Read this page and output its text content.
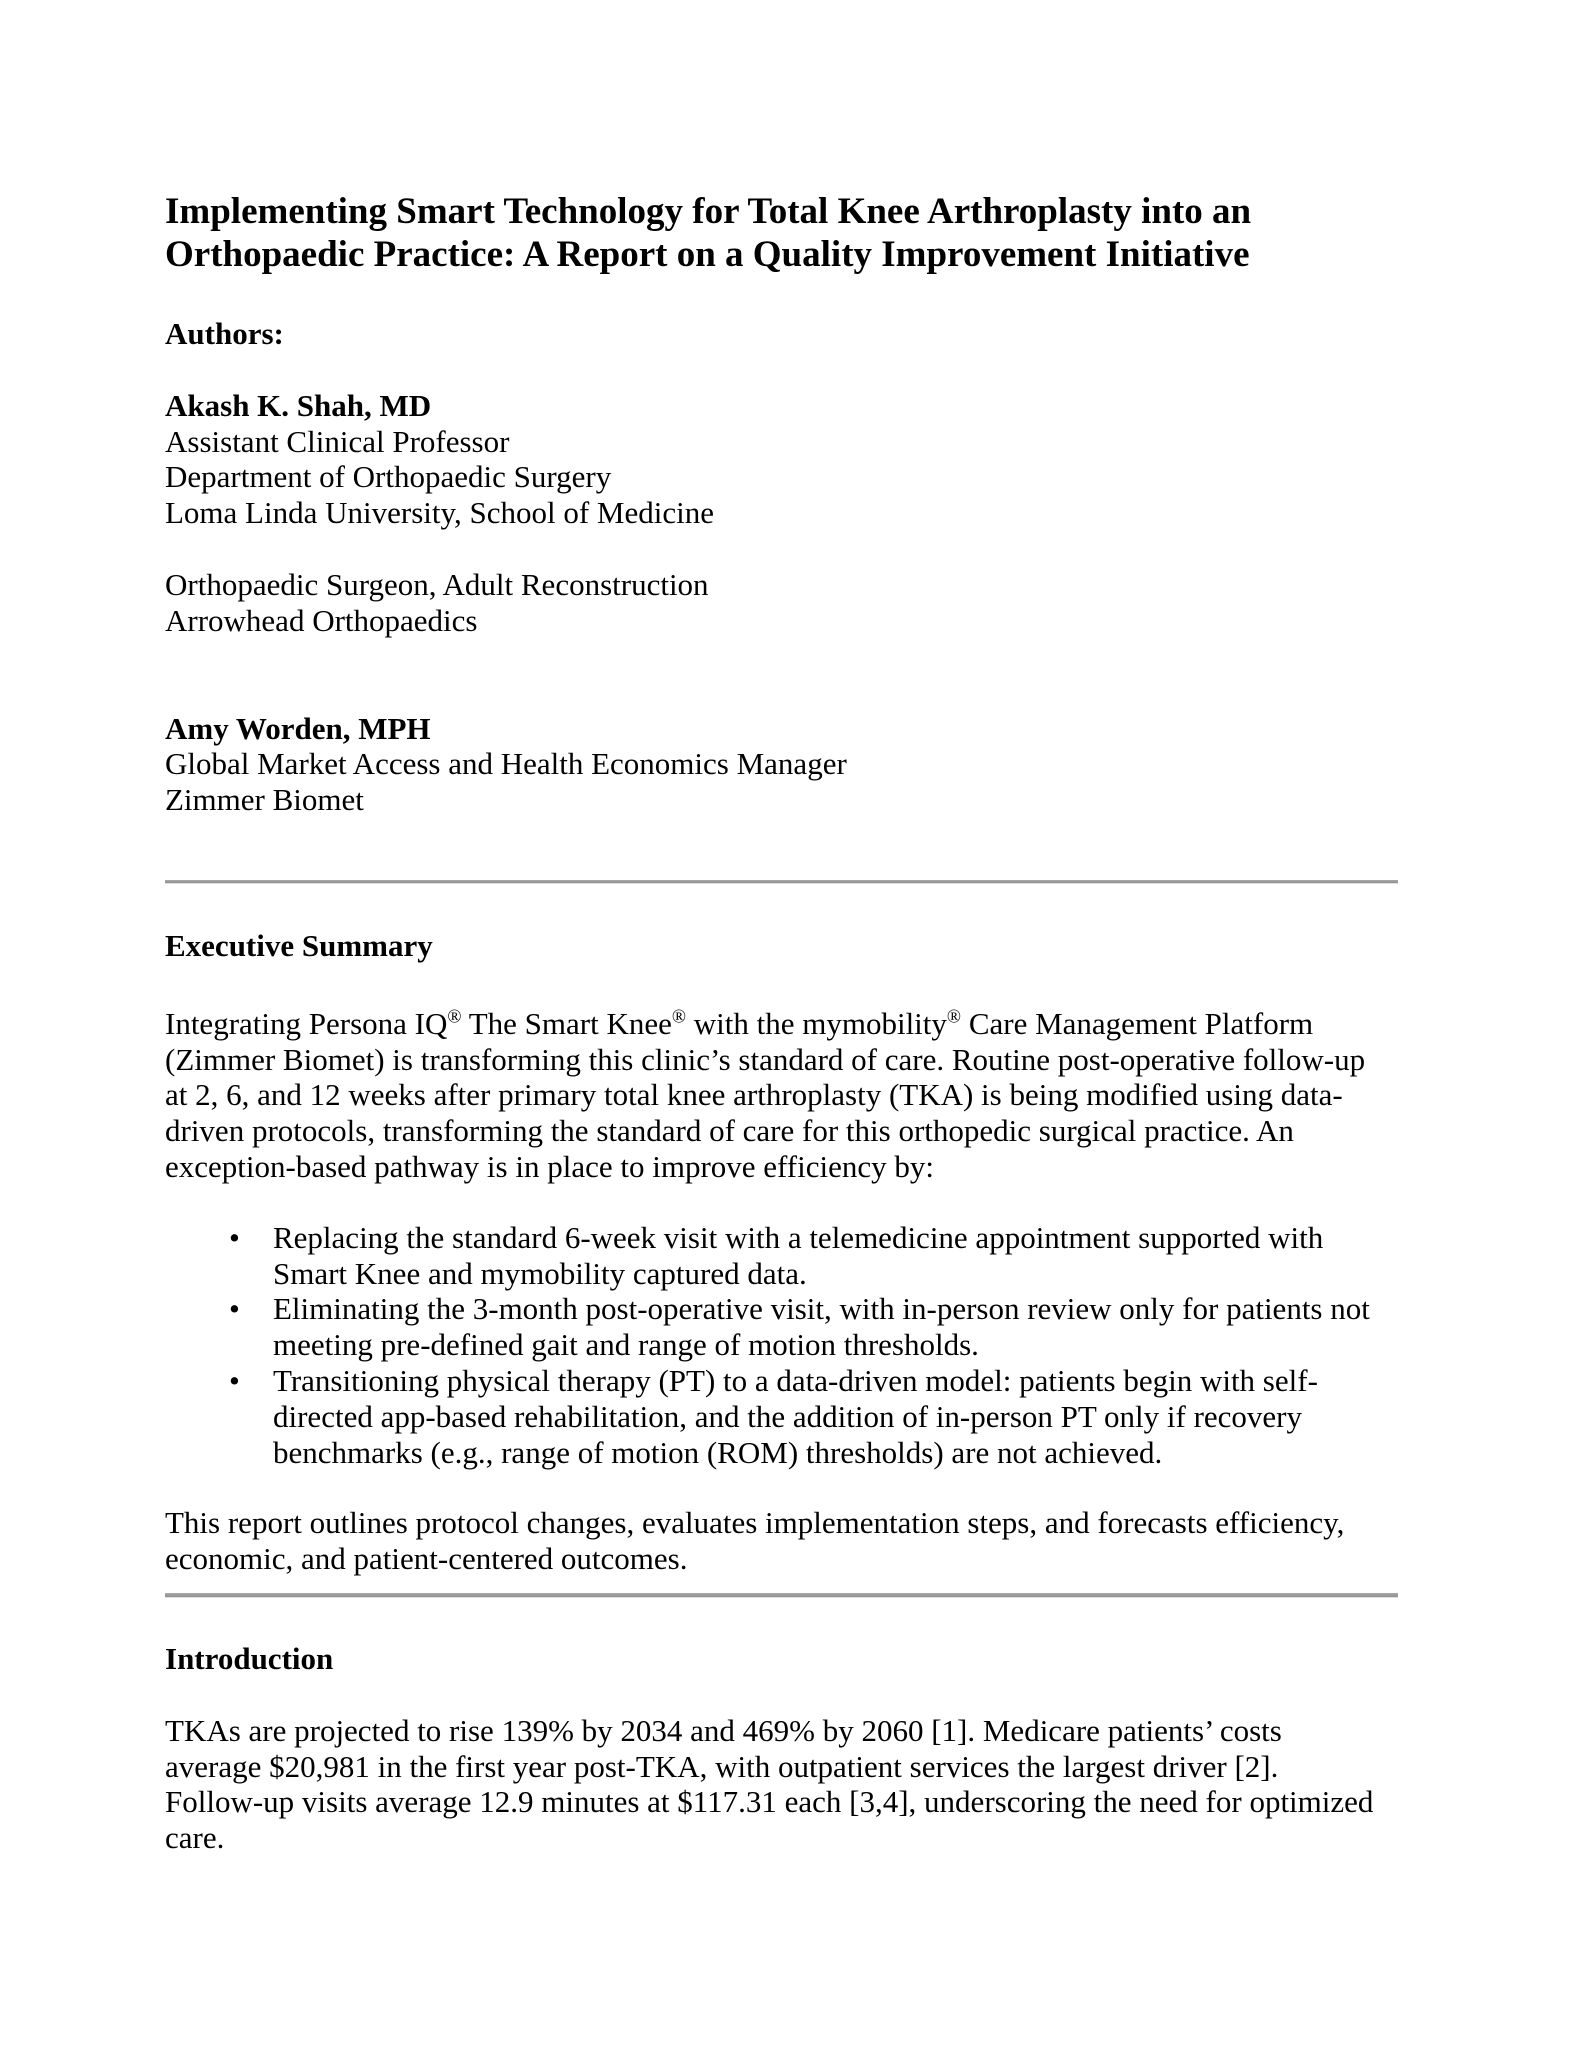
Implementing Smart Technology for Total Knee Arthroplasty into an
Orthopaedic Practice: A Report on a Quality Improvement Initiative

Authors:

Akash K. Shah, MD

Assistant Clinical Professor
Department of Orthopaedic Surgery
Loma Linda University, School of Medicine

Orthopaedic Surgeon, Adult Reconstruction
Arrowhead Orthopaedics

Amy Worden, MPH

Global Market Access and Health Economics Manager
Zimmer Biomet

Executive Summary

Integrating Persona IQ® The Smart Knee® with the mymobility® Care Management Platform
(Zimmer Biomet) is transforming this clinic’s standard of care. Routine post-operative follow-up
at 2, 6, and 12 weeks after primary total knee arthroplasty (TKA) is being modified using data-
driven protocols, transforming the standard of care for this orthopedic surgical practice. An
exception-based pathway is in place to improve efficiency by:

• Replacing the standard 6-week visit with a telemedicine appointment supported with
Smart Knee and mymobility captured data.
• Eliminating the 3-month post-operative visit, with in-person review only for patients not
meeting pre-defined gait and range of motion thresholds.
• Transitioning physical therapy (PT) to a data-driven model: patients begin with self-
directed app-based rehabilitation, and the addition of in-person PT only if recovery
benchmarks (e.g., range of motion (ROM) thresholds) are not achieved.

This report outlines protocol changes, evaluates implementation steps, and forecasts efficiency,
economic, and patient-centered outcomes.

Introduction

TKAs are projected to rise 139% by 2034 and 469% by 2060 [1]. Medicare patients’ costs
average $20,981 in the first year post-TKA, with outpatient services the largest driver [2].
Follow-up visits average 12.9 minutes at $117.31 each [3,4], underscoring the need for optimized
care.
